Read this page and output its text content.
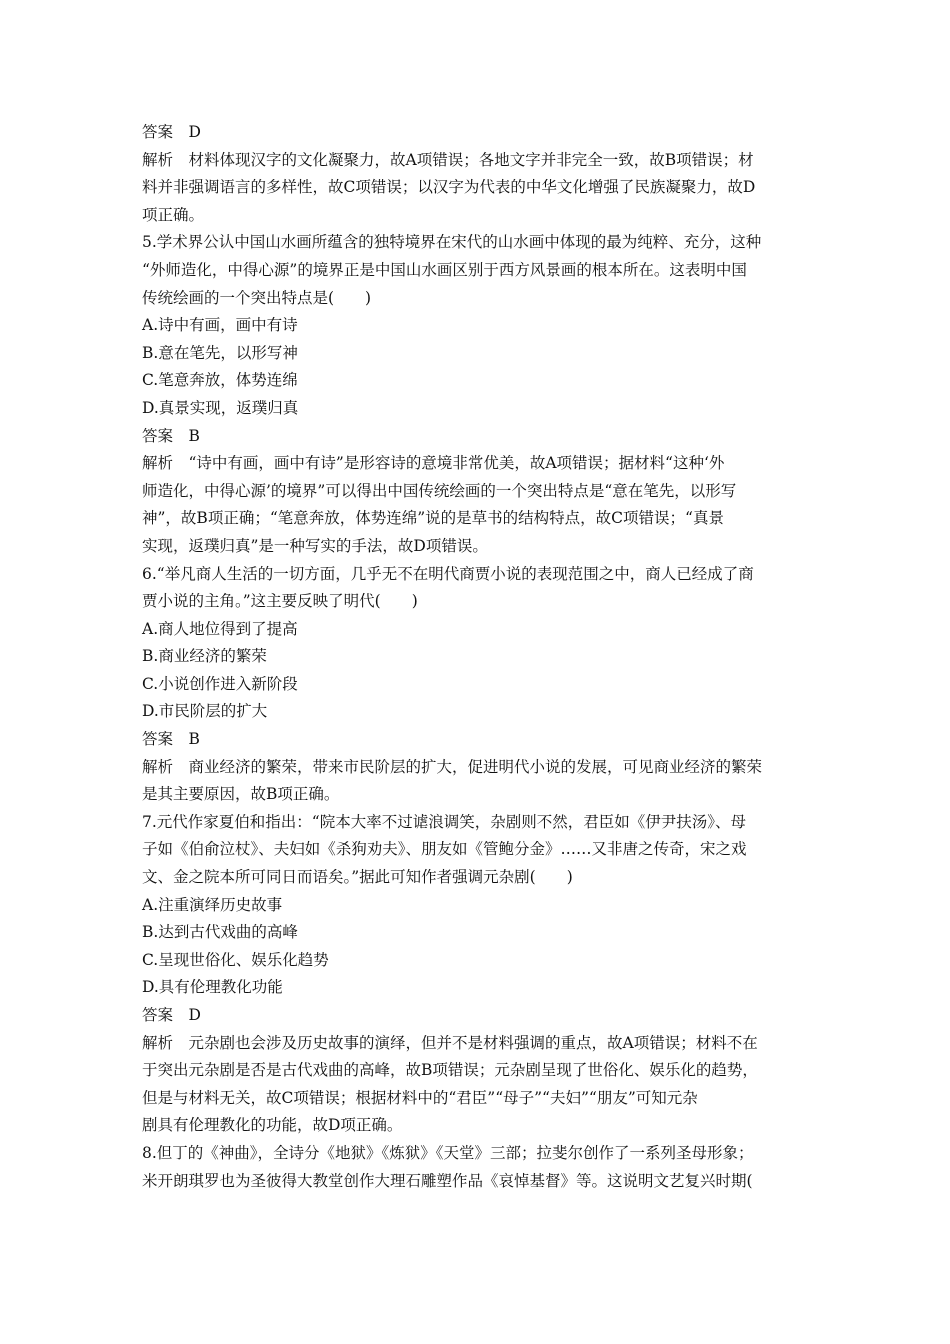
答案　D
解析　材料体现汉字的文化凝聚力，故A项错误；各地文字并非完全一致，故B项错误；材
料并非强调语言的多样性，故C项错误；以汉字为代表的中华文化增强了民族凝聚力，故D
项正确。
5.学术界公认中国山水画所蕴含的独特境界在宋代的山水画中体现的最为纯粹、充分，这种
“外师造化，中得心源”的境界正是中国山水画区别于西方风景画的根本所在。这表明中国
传统绘画的一个突出特点是(　　)
A.诗中有画，画中有诗
B.意在笔先，以形写神
C.笔意奔放，体势连绵
D.真景实现，返璞归真
答案　B
解析　“诗中有画，画中有诗”是形容诗的意境非常优美，故A项错误；据材料“这种‘外
师造化，中得心源’的境界”可以得出中国传统绘画的一个突出特点是“意在笔先，以形写
神”，故B项正确；“笔意奔放，体势连绵”说的是草书的结构特点，故C项错误；“真景
实现，返璞归真”是一种写实的手法，故D项错误。
6.“举凡商人生活的一切方面，几乎无不在明代商贾小说的表现范围之中，商人已经成了商
贾小说的主角。”这主要反映了明代(　　)
A.商人地位得到了提高
B.商业经济的繁荣
C.小说创作进入新阶段
D.市民阶层的扩大
答案　B
解析　商业经济的繁荣，带来市民阶层的扩大，促进明代小说的发展，可见商业经济的繁荣
是其主要原因，故B项正确。
7.元代作家夏伯和指出：“院本大率不过谑浪调笑，杂剧则不然，君臣如《伊尹扶汤》、母
子如《伯俞泣杖》、夫妇如《杀狗劝夫》、朋友如《管鲍分金》……又非唐之传奇，宋之戏
文、金之院本所可同日而语矣。”据此可知作者强调元杂剧(　　)
A.注重演绎历史故事
B.达到古代戏曲的高峰
C.呈现世俗化、娱乐化趋势
D.具有伦理教化功能
答案　D
解析　元杂剧也会涉及历史故事的演绎，但并不是材料强调的重点，故A项错误；材料不在
于突出元杂剧是否是古代戏曲的高峰，故B项错误；元杂剧呈现了世俗化、娱乐化的趋势，
但是与材料无关，故C项错误；根据材料中的“君臣”“母子”“夫妇”“朋友”可知元杂
剧具有伦理教化的功能，故D项正确。
8.但丁的《神曲》，全诗分《地狱》《炼狱》《天堂》三部；拉斐尔创作了一系列圣母形象；
米开朗琪罗也为圣彼得大教堂创作大理石雕塑作品《哀悼基督》等。这说明文艺复兴时期(
